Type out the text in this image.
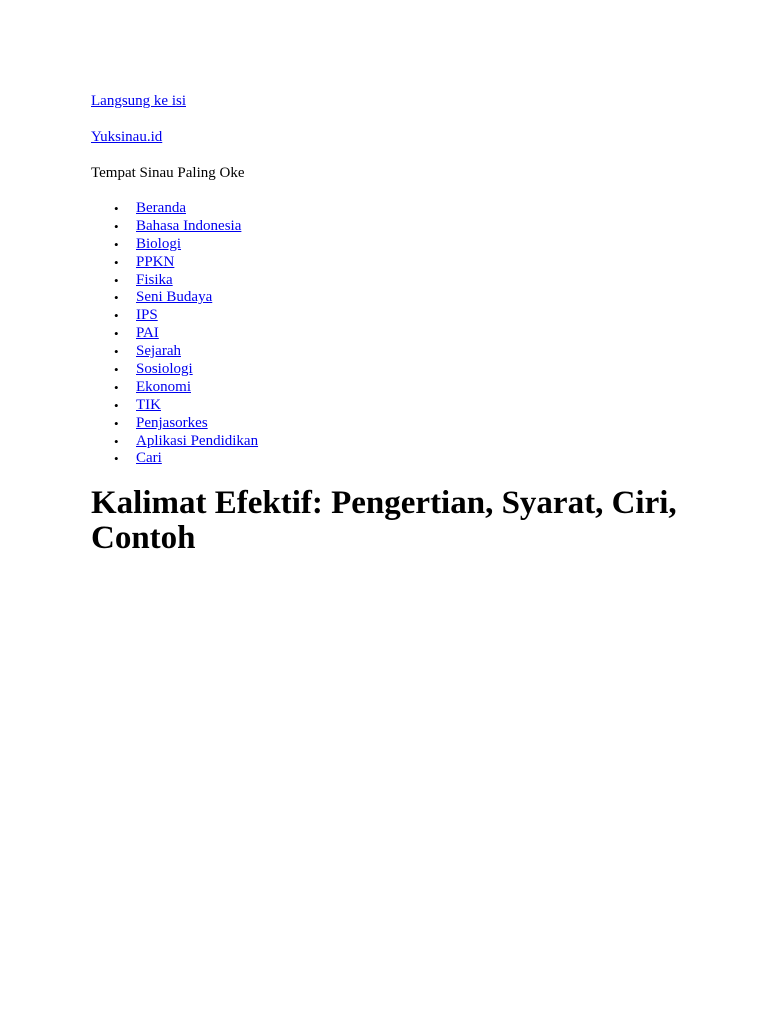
Langsung ke isi
Yuksinau.id

Tempat Sinau Paling Oke

• Beranda
• Bahasa Indonesia
• Biologi
• PPKN
• Fisika
• Seni Budaya
• IPS
• PAI
• Sejarah
• Sosiologi
• Ekonomi
• TIK
• Penjasorkes
• Aplikasi Pendidikan
• Cari
Kalimat Efektif: Pengertian, Syarat, Ciri, Contoh
